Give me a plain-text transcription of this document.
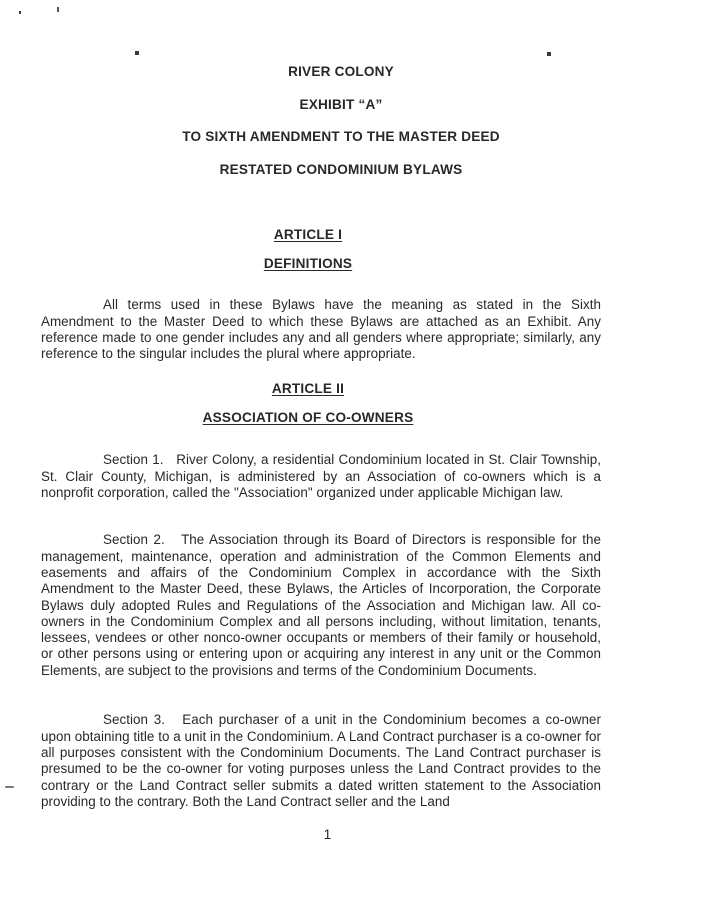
RIVER COLONY
EXHIBIT “A”
TO SIXTH AMENDMENT TO THE MASTER DEED
RESTATED CONDOMINIUM BYLAWS
ARTICLE I
DEFINITIONS

All terms used in these Bylaws have the meaning as stated in the Sixth Amendment to the Master Deed to which these Bylaws are attached as an Exhibit. Any reference made to one gender includes any and all genders where appropriate; similarly, any reference to the singular includes the plural where appropriate.

ARTICLE II
ASSOCIATION OF CO-OWNERS

Section 1.   River Colony, a residential Condominium located in St. Clair Township, St. Clair County, Michigan, is administered by an Association of co-owners which is a nonprofit corporation, called the "Association" organized under applicable Michigan law.

Section 2.   The Association through its Board of Directors is responsible for the management, maintenance, operation and administration of the Common Elements and easements and affairs of the Condominium Complex in accordance with the Sixth Amendment to the Master Deed, these Bylaws, the Articles of Incorporation, the Corporate Bylaws duly adopted Rules and Regulations of the Association and Michigan law. All co-owners in the Condominium Complex and all persons including, without limitation, tenants, lessees, vendees or other nonco-owner occupants or members of their family or household, or other persons using or entering upon or acquiring any interest in any unit or the Common Elements, are subject to the provisions and terms of the Condominium Documents.

Section 3.   Each purchaser of a unit in the Condominium becomes a co-owner upon obtaining title to a unit in the Condominium. A Land Contract purchaser is a co-owner for all purposes consistent with the Condominium Documents. The Land Contract purchaser is presumed to be the co-owner for voting purposes unless the Land Contract provides to the contrary or the Land Contract seller submits a dated written statement to the Association providing to the contrary. Both the Land Contract seller and the Land

1
